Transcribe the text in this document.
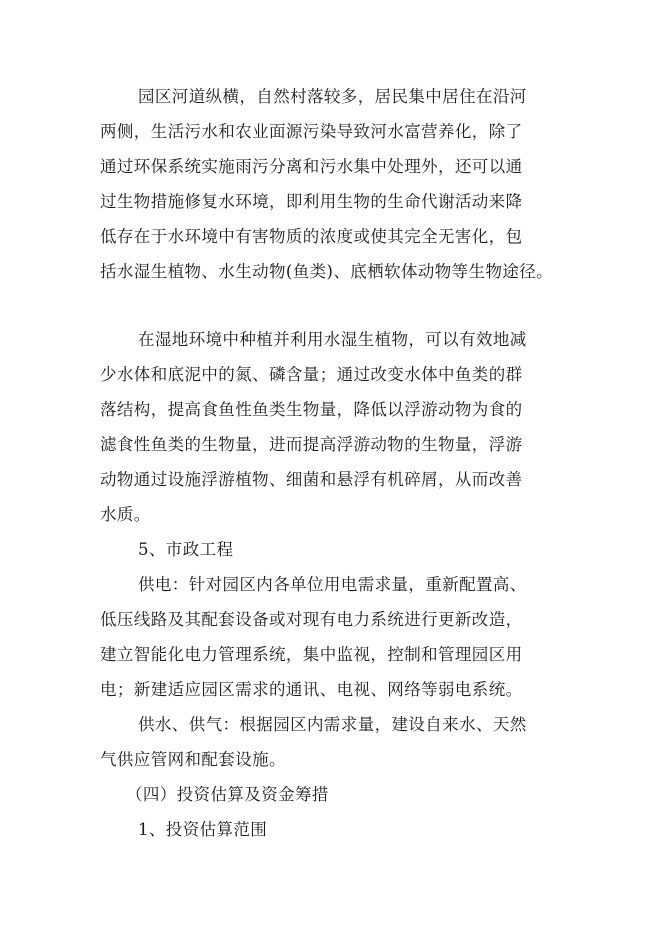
园区河道纵横，自然村落较多，居民集中居住在沿河
两侧，生活污水和农业面源污染导致河水富营养化，除了
通过环保系统实施雨污分离和污水集中处理外，还可以通
过生物措施修复水环境，即利用生物的生命代谢活动来降
低存在于水环境中有害物质的浓度或使其完全无害化，包
括水湿生植物、水生动物(鱼类)、底栖软体动物等生物途径。
在湿地环境中种植并利用水湿生植物，可以有效地减
少水体和底泥中的氮、磷含量；通过改变水体中鱼类的群
落结构，提高食鱼性鱼类生物量，降低以浮游动物为食的
滤食性鱼类的生物量，进而提高浮游动物的生物量，浮游
动物通过设施浮游植物、细菌和悬浮有机碎屑，从而改善
水质。
5、市政工程
供电：针对园区内各单位用电需求量，重新配置高、
低压线路及其配套设备或对现有电力系统进行更新改造，
建立智能化电力管理系统，集中监视，控制和管理园区用
电；新建适应园区需求的通讯、电视、网络等弱电系统。
供水、供气：根据园区内需求量，建设自来水、天然
气供应管网和配套设施。
（四）投资估算及资金筹措
1、投资估算范围
